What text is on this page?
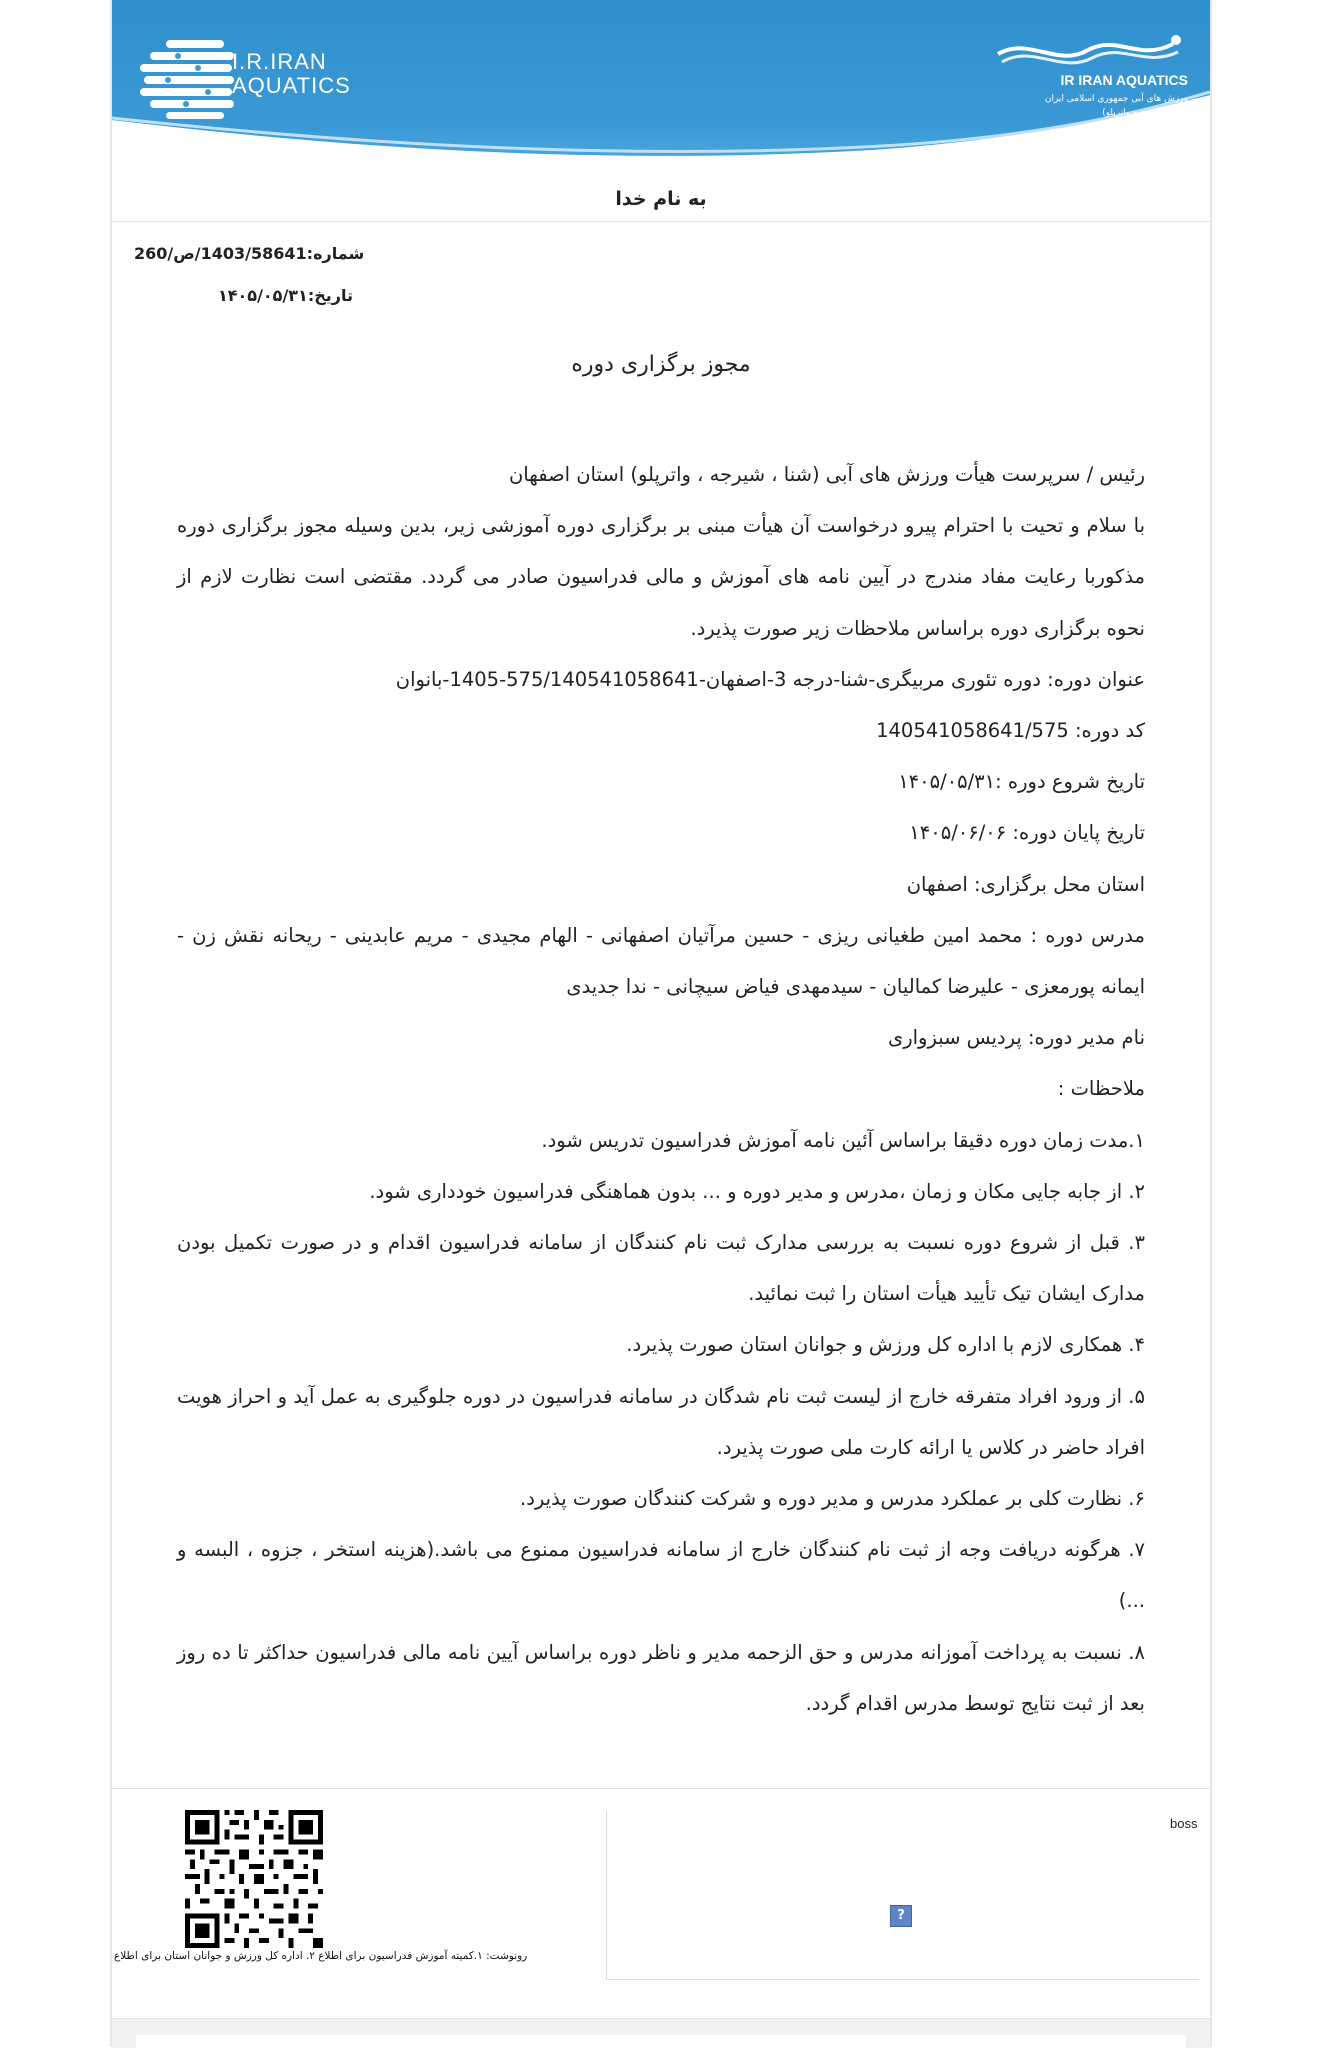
I.R.IRAN
AQUATICS	IR IRAN AQUATICS
ورزش های آبی جمهوری اسلامی ایران
(شنا، شیرجه و واترپلو)
به نام خدا
شماره:1403/58641/ص/260
تاریخ:۱۴۰۵/۰۵/۳۱
مجوز برگزاری دوره

رئیس / سرپرست هیأت ورزش های آبی (شنا ، شیرجه ، واترپلو) استان اصفهان

با سلام و تحیت با احترام پیرو درخواست آن هیأت مبنی بر برگزاری دوره آموزشی زیر، بدین وسیله مجوز برگزاری دوره مذکوربا رعایت مفاد مندرج در آیین نامه های آموزش و مالی فدراسیون صادر می گردد. مقتضی است نظارت لازم از نحوه برگزاری دوره براساس ملاحظات زیر صورت پذیرد.

عنوان دوره: دوره تئوری مربیگری-شنا-درجه 3-اصفهان-575/140541058641-1405-بانوان

کد دوره: 140541058641/575

تاریخ شروع دوره :۱۴۰۵/۰۵/۳۱

تاریخ پایان دوره: ۱۴۰۵/۰۶/۰۶

استان محل برگزاری: اصفهان

مدرس دوره : محمد امین طغیانی ریزی - حسین مرآتیان اصفهانی - الهام مجیدی - مریم عابدینی - ریحانه نقش زن - ایمانه پورمعزی - علیرضا کمالیان - سیدمهدی فیاض سیچانی - ندا جدیدی

نام مدیر دوره: پردیس سبزواری

ملاحظات :

۱.مدت زمان دوره دقیقا براساس آئین نامه آموزش فدراسیون تدریس شود.

۲. از جابه جایی مکان و زمان ،مدرس و مدیر دوره و ... بدون هماهنگی فدراسیون خودداری شود.

۳. قبل از شروع دوره نسبت به بررسی مدارک ثبت نام کنندگان از سامانه فدراسیون اقدام و در صورت تکمیل بودن مدارک ایشان تیک تأیید هیأت استان را ثبت نمائید.

۴. همکاری لازم با اداره کل ورزش و جوانان استان صورت پذیرد.

۵. از ورود افراد متفرقه خارج از لیست ثبت نام شدگان در سامانه فدراسیون در دوره جلوگیری به عمل آید و احراز هویت افراد حاضر در کلاس یا ارائه کارت ملی صورت پذیرد.

۶. نظارت کلی بر عملکرد مدرس و مدیر دوره و شرکت کنندگان صورت پذیرد.

۷. هرگونه دریافت وجه از ثبت نام کنندگان خارج از سامانه فدراسیون ممنوع می باشد.(هزینه استخر ، جزوه ، البسه و ...)

۸. نسبت به پرداخت آموزانه مدرس و حق الزحمه مدیر و ناظر دوره براساس آیین نامه مالی فدراسیون حداکثر تا ده روز بعد از ثبت نتایج توسط مدرس اقدام گردد.

رونوشت: ۱.کمیته آموزش فدراسیون برای اطلاع ۲. اداره کل ورزش و جوانان استان برای اطلاع
boss
?
